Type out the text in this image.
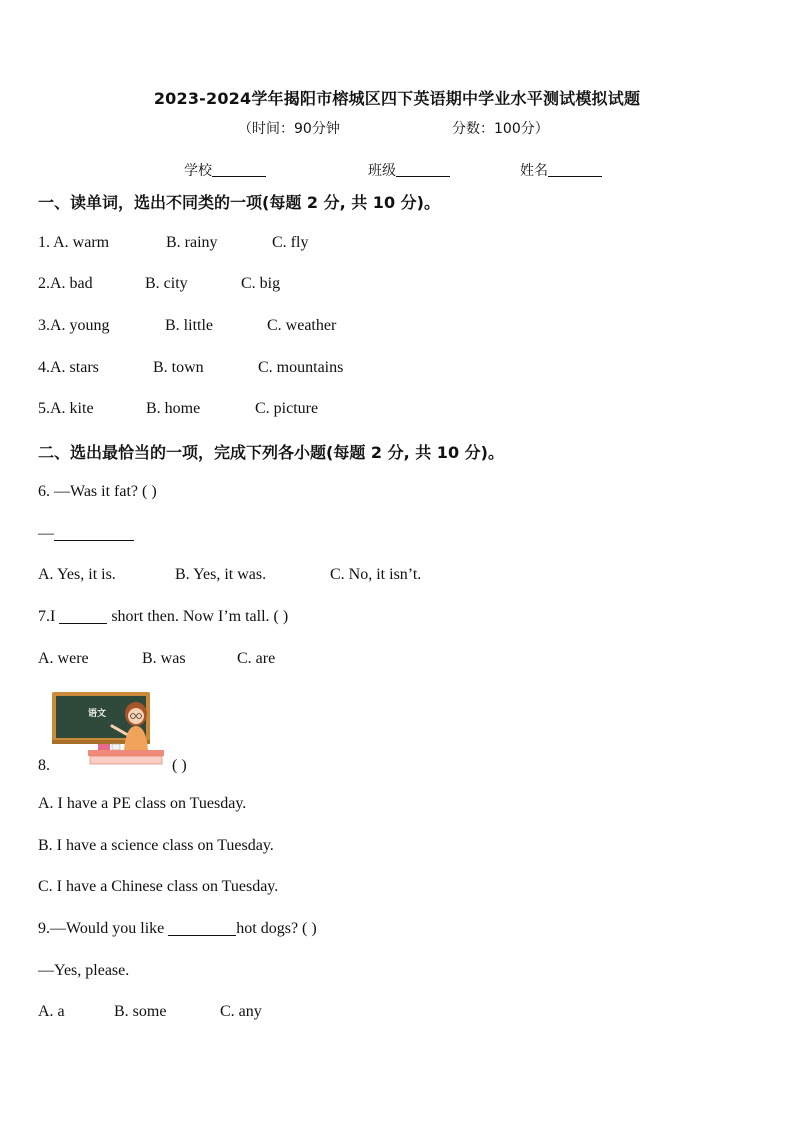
2023-2024学年揭阳市榕城区四下英语期中学业水平测试模拟试题
（时间：90分钟	分数：100分）
学校	班级	姓名
一、读单词，选出不同类的一项(每题 2 分, 共 10 分)。
1. A. warm	B. rainy	C. fly
2.A. bad	B. city	C. big
3.A. young	B. little	C. weather
4.A. stars	B. town	C. mountains
5.A. kite	B. home	C. picture
二、选出最恰当的一项，完成下列各小题(每题 2 分, 共 10 分)。
6. —Was it fat? ( )
—
A. Yes, it is.	B. Yes, it was.	C. No, it isn’t.
7.I	short then. Now I’m tall. ( )
A. were	B. was	C. are
语文
8.	( )
A. I have a PE class on Tuesday.
B. I have a science class on Tuesday.
C. I have a Chinese class on Tuesday.
9.—Would you like	hot dogs? ( )
—Yes, please.
A. a	B. some	C. any
